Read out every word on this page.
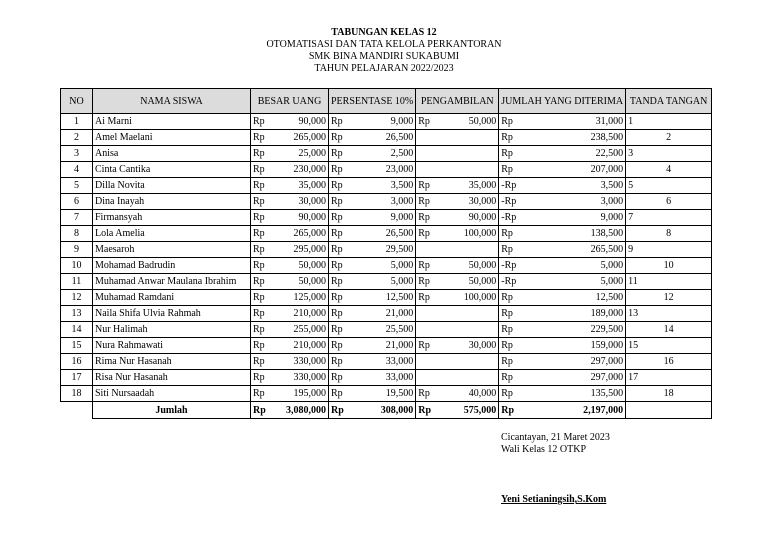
TABUNGAN KELAS 12
OTOMATISASI DAN TATA KELOLA PERKANTORAN
SMK BINA MANDIRI SUKABUMI
TAHUN PELAJARAN 2022/2023
NO	NAMA SISWA	BESAR UANG		PERSENTASE 10%		PENGAMBILAN		JUMLAH YANG DITERIMA		TANDA TANGAN
1	Ai Marni	Rp	90,000	Rp	9,000	Rp	50,000	Rp	31,000	1
2	Amel Maelani	Rp	265,000	Rp	26,500			Rp	238,500	2
3	Anisa	Rp	25,000	Rp	2,500			Rp	22,500	3
4	Cinta Cantika	Rp	230,000	Rp	23,000			Rp	207,000	4
5	Dilla Novita	Rp	35,000	Rp	3,500	Rp	35,000	-Rp	3,500	5
6	Dina Inayah	Rp	30,000	Rp	3,000	Rp	30,000	-Rp	3,000	6
7	Firmansyah	Rp	90,000	Rp	9,000	Rp	90,000	-Rp	9,000	7
8	Lola Amelia	Rp	265,000	Rp	26,500	Rp	100,000	Rp	138,500	8
9	Maesaroh	Rp	295,000	Rp	29,500			Rp	265,500	9
10	Mohamad Badrudin	Rp	50,000	Rp	5,000	Rp	50,000	-Rp	5,000	10
11	Muhamad Anwar Maulana Ibrahim	Rp	50,000	Rp	5,000	Rp	50,000	-Rp	5,000	11
12	Muhamad Ramdani	Rp	125,000	Rp	12,500	Rp	100,000	Rp	12,500	12
13	Naila Shifa Ulvia Rahmah	Rp	210,000	Rp	21,000			Rp	189,000	13
14	Nur Halimah	Rp	255,000	Rp	25,500			Rp	229,500	14
15	Nura Rahmawati	Rp	210,000	Rp	21,000	Rp	30,000	Rp	159,000	15
16	Rima Nur Hasanah	Rp	330,000	Rp	33,000			Rp	297,000	16
17	Risa Nur Hasanah	Rp	330,000	Rp	33,000			Rp	297,000	17
18	Siti Nursaadah	Rp	195,000	Rp	19,500	Rp	40,000	Rp	135,500	18
	Jumlah	Rp	3,080,000	Rp	308,000	Rp	575,000	Rp	2,197,000	
Cicantayan, 21 Maret 2023
Wali Kelas 12 OTKP
Yeni Setianingsih,S.Kom
